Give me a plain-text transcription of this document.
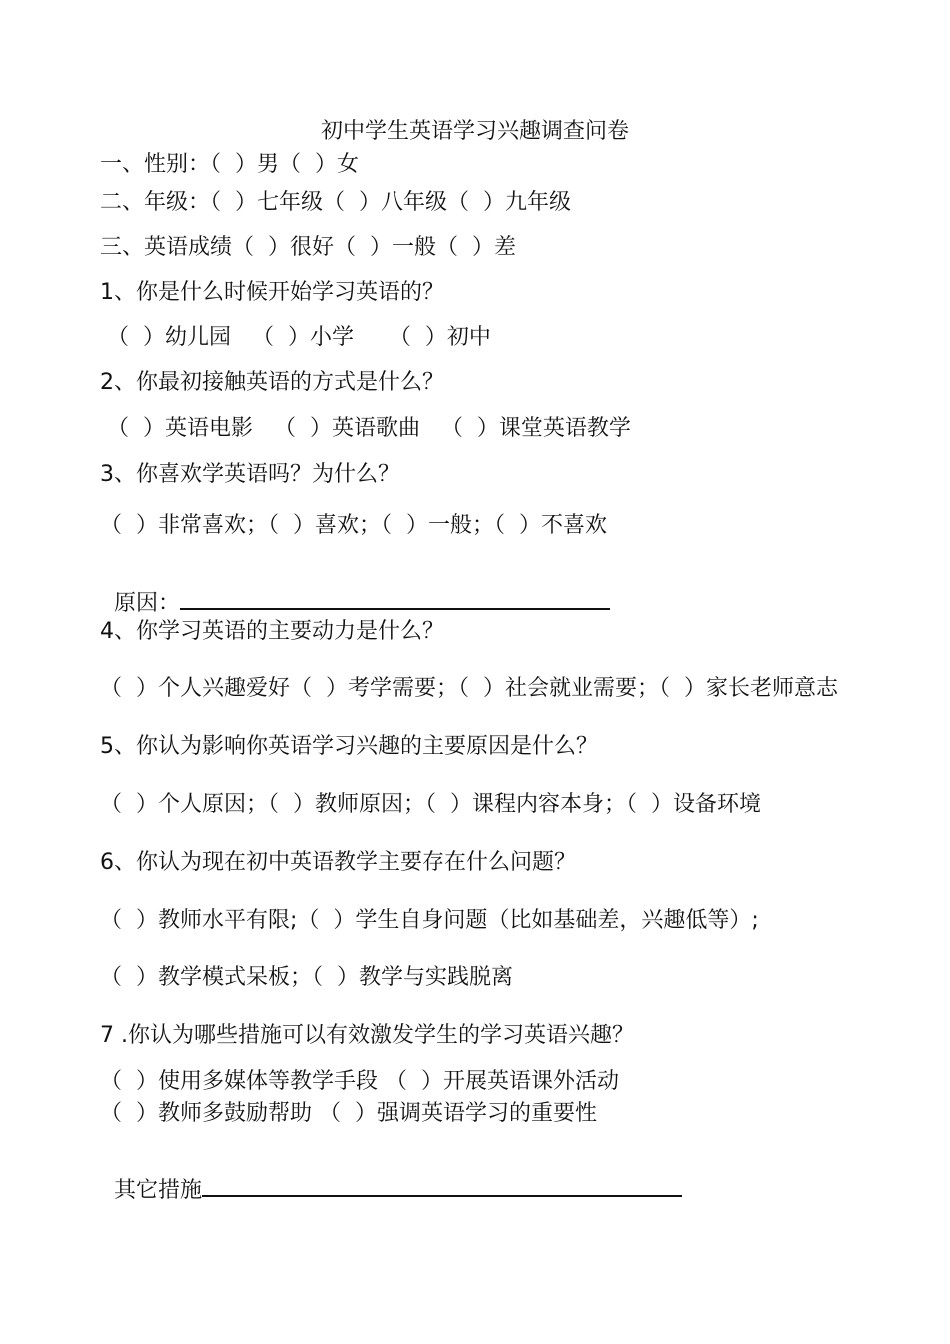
初中学生英语学习兴趣调查问卷
一、性别：（  ）男（  ）女
二、年级：（  ）七年级（  ）八年级（  ）九年级
三、英语成绩（  ）很好（  ）一般（  ）差
1、你是什么时候开始学习英语的？
（  ）幼儿园   （  ）小学     （  ）初中
2、你最初接触英语的方式是什么？
（  ）英语电影   （  ）英语歌曲   （  ）课堂英语教学
3、你喜欢学英语吗？为什么？
（  ）非常喜欢；（  ）喜欢；（  ）一般；（  ）不喜欢

原因：

4、你学习英语的主要动力是什么？
（  ）个人兴趣爱好（  ）考学需要；（  ）社会就业需要；（  ）家长老师意志
5、你认为影响你英语学习兴趣的主要原因是什么？
（  ）个人原因；（  ）教师原因；（  ）课程内容本身；（  ）设备环境
6、你认为现在初中英语教学主要存在什么问题？
（  ）教师水平有限;（  ）学生自身问题（比如基础差，兴趣低等）;
（  ）教学模式呆板；（  ）教学与实践脱离
7 .你认为哪些措施可以有效激发学生的学习英语兴趣？
（  ）使用多媒体等教学手段 （  ）开展英语课外活动
（  ）教师多鼓励帮助 （  ）强调英语学习的重要性

其它措施
